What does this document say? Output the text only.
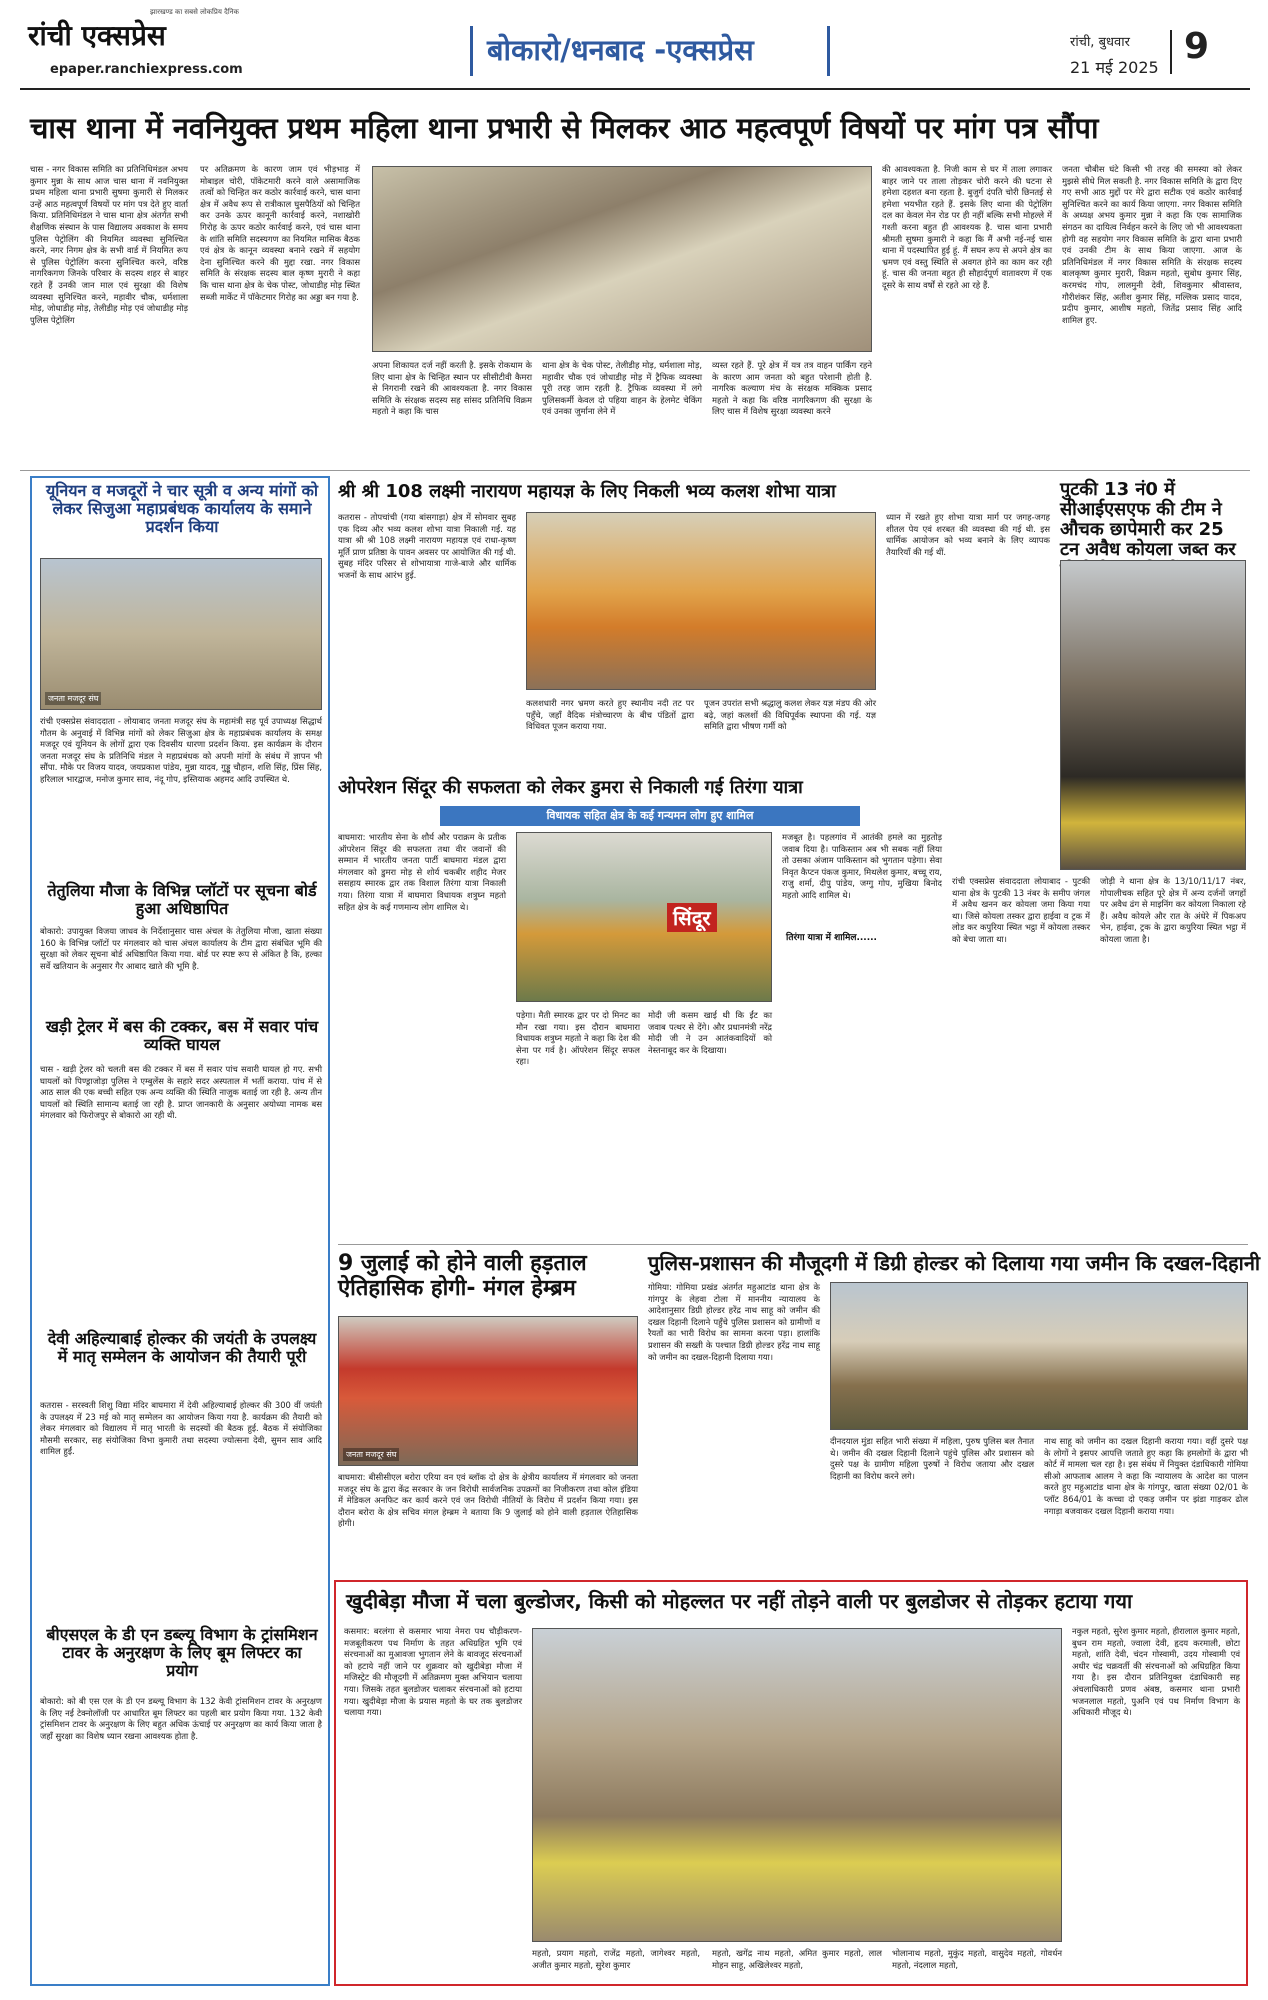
रांची एक्सप्रेस
झारखण्ड का सबसे लोकप्रिय दैनिक
epaper.ranchiexpress.com
बोकारो/धनबाद -एक्सप्रेस	रांची, बुधवार
21 मई 2025
9
चास थाना में नवनियुक्त प्रथम महिला थाना प्रभारी से मिलकर आठ महत्वपूर्ण विषयों पर मांग पत्र सौंपा
चास - नगर विकास समिति का प्रतिनिधिमंडल अभय कुमार मुन्ना के साथ आज चास थाना में नवनियुक्त प्रथम महिला थाना प्रभारी सुषमा कुमारी से मिलकर उन्हें आठ महत्वपूर्ण विषयों पर मांग पत्र देते हुए वार्ता किया. प्रतिनिधिमंडल ने चास थाना क्षेत्र अंतर्गत सभी शैक्षणिक संस्थान के पास विद्यालय अवकाश के समय पुलिस पेट्रोलिंग की नियमित व्यवस्था सुनिश्चित करने, नगर निगम क्षेत्र के सभी वार्ड में नियमित रूप से पुलिस पेट्रोलिंग करना सुनिश्चित करने, वरिष्ठ नागरिकगण जिनके परिवार के सदस्य शहर से बाहर रहते हैं उनकी जान माल एवं सुरक्षा की विशेष व्यवस्था सुनिश्चित करने, महावीर चौक, धर्मशाला मोड़, जोधाडीह मोड़, तेलीडीह मोड़ एवं जोधाडीह मोड़ पुलिस पेट्रोलिंग
पर अतिक्रमण के कारण जाम एवं भीड़भाड़ में मोबाइल चोरी, पॉकेटमारी करने वाले असामाजिक तत्वों को चिन्हित कर कठोर कार्रवाई करने, चास थाना क्षेत्र में अवैध रूप से रात्रीकाल घुसपैठियों को चिन्हित कर उनके ऊपर कानूनी कार्रवाई करने, नशाखोरी गिरोह के ऊपर कठोर कार्रवाई करने, एवं चास थाना के शांति समिति सदस्यगण का नियमित मासिक बैठक एवं क्षेत्र के कानून व्यवस्था बनाने रखने में सहयोग देना सुनिश्चित करने की मुद्दा रखा. नगर विकास समिति के संरक्षक सदस्य बाल कृष्ण मुरारी ने कहा कि चास थाना क्षेत्र के चेक पोस्ट, जोधाडीह मोड़ स्थित सब्जी मार्केट में पॉकेटमार गिरोह का अड्डा बन गया है.
अपना शिकायत दर्ज नहीं करती है. इसके रोकथाम के लिए थाना क्षेत्र के चिन्हित स्थान पर सीसीटीवी कैमरा से निगरानी रखने की आवश्यकता है. नगर विकास समिति के संरक्षक सदस्य सह सांसद प्रतिनिधि विक्रम महतो ने कहा कि चास
थाना क्षेत्र के चेक पोस्ट, तेलीडीह मोड़, धर्मशाला मोड़, महावीर चौक एवं जोधाडीह मोड़ में ट्रैफिक व्यवस्था पूरी तरह जाम रहती है. ट्रैफिक व्यवस्था में लगे पुलिसकर्मी केवल दो पहिया वाहन के हेलमेट चेकिंग एवं उनका जुर्माना लेने में
व्यस्त रहते हैं. पूरे क्षेत्र में यत्र तत्र वाहन पार्किंग रहने के कारण आम जनता को बहुत परेशानी होती है. नागरिक कल्याण मंच के संरक्षक मक्किक प्रसाद महतो ने कहा कि वरिष्ठ नागरिकगण की सुरक्षा के लिए चास में विशेष सुरक्षा व्यवस्था करने
की आवश्यकता है. निजी काम से घर में ताला लगाकर बाहर जाने पर ताला तोड़कर चोरी करने की घटना से हमेशा दहशत बना रहता है. बुजुर्ग दंपति चोरी छिनतई से हमेशा भयभीत रहते हैं. इसके लिए थाना की पेट्रोलिंग दल का केवल मेन रोड पर ही नहीं बल्कि सभी मोहल्ले में गश्ती करना बहुत ही आवश्यक है. चास थाना प्रभारी श्रीमती सुषमा कुमारी ने कहा कि मैं अभी नई-नई चास थाना में पदस्थापित हुई हूं. मैं सघन रूप से अपने क्षेत्र का भ्रमण एवं वस्तु स्थिति से अवगत होने का काम कर रही हूं. चास की जनता बहुत ही सौहार्दपूर्ण वातावरण में एक दूसरे के साथ वर्षों से रहते आ रहे हैं.
जनता चौबीस घंटे किसी भी तरह की समस्या को लेकर मुझसे सीधे मिल सकती है. नगर विकास समिति के द्वारा दिए गए सभी आठ मुद्दों पर मेरे द्वारा सटीक एवं कठोर कार्रवाई सुनिश्चित करने का कार्य किया जाएगा. नगर विकास समिति के अध्यक्ष अभय कुमार मुन्ना ने कहा कि एक सामाजिक संगठन का दायित्व निर्वहन करने के लिए जो भी आवश्यकता होगी वह सहयोग नगर विकास समिति के द्वारा थाना प्रभारी एवं उनकी टीम के साथ किया जाएगा. आज के प्रतिनिधिमंडल में नगर विकास समिति के संरक्षक सदस्य बालकृष्ण कुमार मुरारी, विक्रम महतो, सुबोध कुमार सिंह, करमचंद गोप, लालमुनी देवी, शिवकुमार श्रीवास्तव, गौरीशंकर सिंह, अतीश कुमार सिंह, मल्लिक प्रसाद यादव, प्रदीप कुमार, आशीष महतो, जितेंद्र प्रसाद सिंह आदि शामिल हुए.
यूनियन व मजदूरों ने चार सूत्री व अन्य मांगों को लेकर सिजुआ महाप्रबंधक कार्यालय के समाने प्रदर्शन किया
जनता मजदूर संघ
रांची एक्सप्रेस संवाददाता - लोयाबाद जनता मजदूर संघ के महामंत्री सह पूर्व उपाध्यक्ष सिद्धार्थ गौतम के अनुवाई में विभिन्न मांगों को लेकर सिजुआ क्षेत्र के महाप्रबंधक कार्यालय के समक्ष मजदूर एवं यूनियन के लोगों द्वारा एक दिवसीय धारणा प्रदर्शन किया. इस कार्यक्रम के दौरान जनता मजदूर संघ के प्रतिनिधि मंडल ने महाप्रबंधक को अपनी मांगों के संबंध में ज्ञापन भी सौंपा. मौके पर विजय यादव, जयप्रकाश पांडेय, मुन्ना यादव, गुड्डू चौहान, शशि सिंह, प्रिंस सिंह, हरिलाल भारद्वाज, मनोज कुमार साव, नंदू गोप, इस्तियाक अहमद आदि उपस्थित थे.
तेतुलिया मौजा के विभिन्न प्लॉटों पर सूचना बोर्ड हुआ अधिष्ठापित
बोकारो: उपायुक्त विजया जाधव के निर्देशानुसार चास अंचल के तेतुलिया मौजा, खाता संख्या 160 के विभिन्न प्लॉटों पर मंगलवार को चास अंचल कार्यालय के टीम द्वारा संबंधित भूमि की सुरक्षा को लेकर सूचना बोर्ड अधिष्ठापित किया गया. बोर्ड पर स्पष्ट रूप से अंकित है कि, हल्का सर्वे खतियान के अनुसार गैर आबाद खाते की भूमि है.
खड़ी ट्रेलर में बस की टक्कर, बस में सवार पांच व्यक्ति घायल
चास - खड़ी ट्रेलर को चलती बस की टक्कर में बस में सवार पांच सवारी घायल हो गए. सभी घायलों को पिण्ड्राजोड़ा पुलिस ने एम्बुलेंस के सहारे सदर अस्पताल में भर्ती कराया. पांच में से आठ साल की एक बच्ची सहित एक अन्य व्यक्ति की स्थिति नाजुक बताई जा रही है. अन्य तीन घायलों को स्थिति सामान्य बताई जा रही है. प्राप्त जानकारी के अनुसार अयोध्या नामक बस मंगलवार को फिरोजपुर से बोकारो आ रही थी.
देवी अहिल्याबाई होल्कर की जयंती के उपलक्ष्य में मातृ सम्मेलन के आयोजन की तैयारी पूरी
कतरास - सरस्वती शिशु विद्या मंदिर बाघमारा में देवी अहिल्याबाई होल्कर की 300 वीं जयंती के उपलक्ष्य में 23 मई को मातृ सम्मेलन का आयोजन किया गया है. कार्यक्रम की तैयारी को लेकर मंगलवार को विद्यालय में मातृ भारती के सदस्यों की बैठक हुई. बैठक में संयोजिका मौसमी सरकार, सह संयोजिका विभा कुमारी तथा सदस्या ज्योत्सना देवी, सुमन साव आदि शामिल हुईं.
बीएसएल के डी एन डब्ल्यू विभाग के ट्रांसमिशन टावर के अनुरक्षण के लिए बूम लिफ्टर का प्रयोग
बोकारो: को बी एस एल के डी एन डब्ल्यू विभाग के 132 केवी ट्रांसमिशन टावर के अनुरक्षण के लिए नई टेक्नोलॉजी पर आधारित बूम लिफ्टर का पहली बार प्रयोग किया गया. 132 केवी ट्रांसमिशन टावर के अनुरक्षण के लिए बहुत अधिक ऊंचाई पर अनुरक्षण का कार्य किया जाता है जहाँ सुरक्षा का विशेष ध्यान रखना आवश्यक होता है.
श्री श्री 108 लक्ष्मी नारायण महायज्ञ के लिए निकली भव्य कलश शोभा यात्रा
कतरास - तोपचांची (गया बांसगाड़ा) क्षेत्र में सोमवार सुबह एक दिव्य और भव्य कलश शोभा यात्रा निकाली गई. यह यात्रा श्री श्री 108 लक्ष्मी नारायण महायज्ञ एवं राधा-कृष्ण मूर्ति प्राण प्रतिष्ठा के पावन अवसर पर आयोजित की गई थी. सुबह मंदिर परिसर से शोभायात्रा गाजे-बाजे और धार्मिक भजनों के साथ आरंभ हुई.
कलशधारी नगर भ्रमण करते हुए स्थानीय नदी तट पर पहुँचे, जहाँ वैदिक मंत्रोच्चारण के बीच पंडितों द्वारा विधिवत पूजन कराया गया.
पूजन उपरांत सभी श्रद्धालु कलश लेकर यज्ञ मंडप की ओर बढ़े, जहां कलशों की विधिपूर्वक स्थापना की गई. यज्ञ समिति द्वारा भीषण गर्मी को
ध्यान में रखते हुए शोभा यात्रा मार्ग पर जगह-जगह शीतल पेय एवं शरबत की व्यवस्था की गई थी. इस धार्मिक आयोजन को भव्य बनाने के लिए व्यापक तैयारियाँ की गई थीं.
पुटकी 13 नं0 में सीआईएसएफ की टीम ने औचक छापेमारी कर 25 टन अवैध कोयला जब्त कर
रांची एक्सप्रेस संवाददाता लोयाबाद - पुटकी थाना क्षेत्र के पुटकी 13 नंबर के समीप जंगल में अवैध खनन कर कोयला जमा किया गया था। जिसे कोयला तस्कर द्वारा हाईवा व ट्रक में लोड कर कपुरिया स्थित भट्ठा में कोयला तस्कर को बेचा जाता था।
जोड़ी ने थाना क्षेत्र के 13/10/11/17 नंबर, गोपालीचक सहित पूरे क्षेत्र में अन्य दर्जनों जगहों पर अवैध ढंग से माइनिंग कर कोयला निकाला रहे हैं। अवैध कोयले और रात के अंधेरे में पिकअप भेन, हाईवा, ट्रक के द्वारा कपुरिया स्थित भट्ठा में कोयला जाता है।
ओपरेशन सिंदूर की सफलता को लेकर डुमरा से निकाली गई तिरंगा यात्रा
विधायक सहित क्षेत्र के कई गन्यमन लोग हुए शामिल
बाघमारा: भारतीय सेना के शौर्य और पराक्रम के प्रतीक ऑपरेशन सिंदूर की सफलता तथा वीर जवानों की सम्मान में भारतीय जनता पार्टी बाघमारा मंडल द्वारा मंगलवार को डुमरा मोड़ से शोर्य चकबीर शहीद मेजर ससहाय स्मारक द्वार तक विशाल तिरंगा यात्रा निकाली गया। तिरंगा यात्रा में बाघमारा विधायक शत्रुघ्न महतो सहित क्षेत्र के कई गणमान्य लोग शामिल थे।	सिंदूर
पड़ेगा। मैती स्मारक द्वार पर दो मिनट का मौन रखा गया। इस दौरान बाघमारा विधायक शत्रुघ्न महतो ने कहा कि देश की सेना पर गर्व है। ऑपरेशन सिंदूर सफल रहा।
मोदी जी कसम खाई थी कि ईंट का जवाब पत्थर से देंगे। और प्रधानमंत्री नरेंद्र मोदी जी ने उन आतंकवादियों को नेस्तनाबूद कर के दिखाया।
मजबूत है। पहलगांव में आतंकी हमले का मुहतोड़ जवाब दिया है। पाकिस्तान अब भी सबक नहीं लिया तो उसका अंजाम पाकिस्तान को भुगतान पड़ेगा। सेवा निवृत कैप्टन पंकज कुमार, मिथलेश कुमार, बच्चू राय, राजु शर्मा, दीपु पांडेय, जग्गु गोप, मुखिया बिनोद महतो आदि शामिल थे।
तिरंगा यात्रा में शामिल......
9 जुलाई को होने वाली हड़ताल ऐतिहासिक होगी- मंगल हेम्ब्रम
जनता मजदूर संघ
बाघमारा: बीसीसीएल बरोरा एरिया वन एवं ब्लॉक दो क्षेत्र के क्षेत्रीय कार्यालय में मंगलवार को जनता मजदूर संघ के द्वारा केंद्र सरकार के जन विरोधी सार्वजनिक उपक्रमों का निजीकरण तथा कोल इंडिया में मेडिकल अनफिट कर कार्य करने एवं जन विरोधी नीतियों के विरोध में प्रदर्शन किया गया। इस दौरान बरोरा के क्षेत्र सचिव मंगल हेम्ब्रम ने बताया कि 9 जुलाई को होने वाली हड़ताल ऐतिहासिक होगी।
पुलिस-प्रशासन की मौजूदगी में डिग्री होल्डर को दिलाया गया जमीन कि दखल-दिहानी
गोमिया: गोमिया प्रखंड अंतर्गत महुआटांड थाना क्षेत्र के गांगपुर के लेहवा टोला में माननीय न्यायालय के आदेशानुसार डिग्री होल्डर हरेंद्र नाथ साहू को जमीन की दखल दिहानी दिलाने पहुँचे पुलिस प्रशासन को ग्रामीणों व रैयतों का भारी विरोध का सामना करना पड़ा। हालांकि प्रशासन की सख्ती के पश्चात डिग्री होल्डर हरेंद्र नाथ साहू को जमीन का दखल-दिहानी दिलाया गया।
दीनदयाल मुंडा सहित भारी संख्या में महिला, पुरुष पुलिस बल तैनात थे। जमीन की दखल दिहानी दिलाने पहुंचे पुलिस और प्रशासन को दुसरे पक्ष के ग्रामीण महिला पुरुषों ने विरोध जताया और दखल दिहानी का विरोध करने लगे।
नाथ साहू को जमीन का दखल दिहानी कराया गया। वहीं दुसरे पक्ष के लोगों ने इसपर आपत्ति जताते हुए कहा कि हमलोगों के द्वारा भी कोर्ट में मामला चल रहा है। इस संबंध में नियुक्त दंडाधिकारी गोमिया सीओ आफताब आलम ने कहा कि न्यायालय के आदेश का पालन करते हुए महुआटांड थाना क्षेत्र के गांगपुर, खाता संख्या 02/01 के प्लॉट 864/01 के कच्चा दो एकड़ जमीन पर झंडा गाड़कर ढोल नगाड़ा बजवाकर दखल दिहानी कराया गया।
खुदीबेड़ा मौजा में चला बुल्डोजर, किसी को मोहल्लत पर नहीं तोड़ने वाली पर बुलडोजर से तोड़कर हटाया गया
कसमार: बरलंगा से कसमार भाया नेमरा पथ चौड़ीकरण-मजबूतीकरण पथ निर्माण के तहत अधिग्रहित भूमि एवं संरचनाओं का मुआवजा भुगतान लेने के बावजूद संरचनाओं को हटाये नहीं जाने पर शुक्रवार को खुदीबेड़ा मौजा में मजिस्ट्रेट की मौजूदगी में अतिक्रमण मुक्त अभियान चलाया गया। जिसके तहत बुलडोजर चलाकर संरचनाओं को हटाया गया। खुदीबेड़ा मौजा के प्रयास महतो के घर तक बुलडोजर चलाया गया।
महतो, प्रयाग महतो, राजेंद्र महतो, जागेश्वर महतो, अजीत कुमार महतो, सुरेश कुमार
महतो, खगेंद्र नाथ महतो, अमित कुमार महतो, लाल मोहन साहू, अखिलेश्वर महतो,
भोलानाथ महतो, मुकुंद महतो, वासुदेव महतो, गोवर्धन महतो, नंदलाल महतो,
नकुल महतो, सुरेश कुमार महतो, हीरालाल कुमार महतो, बुधन राम महतो, ज्वाला देवी, हृदय करमाली, छोटा महतो, शांति देवी, चंदन गोस्वामी, उदय गोस्वामी एवं अधीर चंद्र चक्रवर्ती की संरचनाओं को अधिग्रहित किया गया है। इस दौरान प्रतिनियुक्त दंडाधिकारी सह अंचलाधिकारी प्रणव अंबष्ठ, कसमार थाना प्रभारी भजनलाल महतो, पुअनि एवं पथ निर्माण विभाग के अधिकारी मौजूद थे।
